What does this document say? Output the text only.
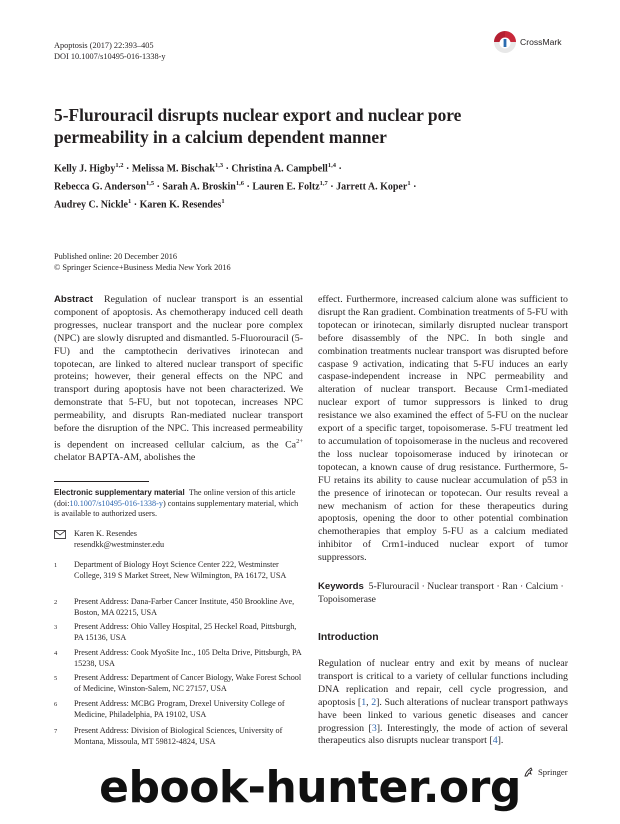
Apoptosis (2017) 22:393–405
DOI 10.1007/s10495-016-1338-y
CrossMark
5-Flurouracil disrupts nuclear export and nuclear pore permeability in a calcium dependent manner
Kelly J. Higby$^{1,2}$ · Melissa M. Bischak$^{1,3}$ · Christina A. Campbell$^{1,4}$ ·
Rebecca G. Anderson$^{1,5}$ · Sarah A. Broskin$^{1,6}$ · Lauren E. Foltz$^{1,7}$ · Jarrett A. Koper$^1$ ·
Audrey C. Nickle$^1$ · Karen K. Resendes$^1$
Published online: 20 December 2016
© Springer Science+Business Media New York 2016

Abstract Regulation of nuclear transport is an essential component of apoptosis. As chemotherapy induced cell death progresses, nuclear transport and the nuclear pore complex (NPC) are slowly disrupted and dismantled. 5-Fluorouracil (5-FU) and the camptothecin derivatives irinotecan and topotecan, are linked to altered nuclear transport of specific proteins; however, their general effects on the NPC and transport during apoptosis have not been characterized. We demonstrate that 5-FU, but not topotecan, increases NPC permeability, and disrupts Ran-mediated nuclear transport before the disruption of the NPC. This increased permeability is dependent on increased cellular calcium, as the $Ca^{2+}$ chelator BAPTA-AM, abolishes the

Electronic supplementary material The online version of this article (doi:10.1007/s10495-016-1338-y) contains supplementary material, which is available to authorized users.
Karen K. Resendes
resendkk@westminster.edu
1	Department of Biology Hoyt Science Center 222, Westminster College, 319 S Market Street, New Wilmington, PA 16172, USA
2	Present Address: Dana-Farber Cancer Institute, 450 Brookline Ave, Boston, MA 02215, USA
3	Present Address: Ohio Valley Hospital, 25 Heckel Road, Pittsburgh, PA 15136, USA
4	Present Address: Cook MyoSite Inc., 105 Delta Drive, Pittsburgh, PA 15238, USA
5	Present Address: Department of Cancer Biology, Wake Forest School of Medicine, Winston-Salem, NC 27157, USA
6	Present Address: MCBG Program, Drexel University College of Medicine, Philadelphia, PA 19102, USA
7	Present Address: Division of Biological Sciences, University of Montana, Missoula, MT 59812-4824, USA

effect. Furthermore, increased calcium alone was sufficient to disrupt the Ran gradient. Combination treatments of 5-FU with topotecan or irinotecan, similarly disrupted nuclear transport before disassembly of the NPC. In both single and combination treatments nuclear transport was disrupted before caspase 9 activation, indicating that 5-FU induces an early caspase-independent increase in NPC permeability and alteration of nuclear transport. Because Crm1-mediated nuclear export of tumor suppressors is linked to drug resistance we also examined the effect of 5-FU on the nuclear export of a specific target, topoisomerase. 5-FU treatment led to accumulation of topoisomerase in the nucleus and recovered the loss nuclear topoisomerase induced by irinotecan or topotecan, a known cause of drug resistance. Furthermore, 5-FU retains its ability to cause nuclear accumulation of p53 in the presence of irinotecan or topotecan. Our results reveal a new mechanism of action for these therapeutics during apoptosis, opening the door to other potential combination chemotherapies that employ 5-FU as a calcium mediated inhibitor of Crm1-induced nuclear export of tumor suppressors.

Keywords 5-Flurouracil · Nuclear transport · Ran · Calcium · Topoisomerase
Introduction

Regulation of nuclear entry and exit by means of nuclear transport is critical to a variety of cellular functions including DNA replication and repair, cell cycle progression, and apoptosis [1, 2]. Such alterations of nuclear transport pathways have been linked to various genetic diseases and cancer progression [3]. Interestingly, the mode of action of several therapeutics also disrupts nuclear transport [4].

Springer
ebook-hunter.org
